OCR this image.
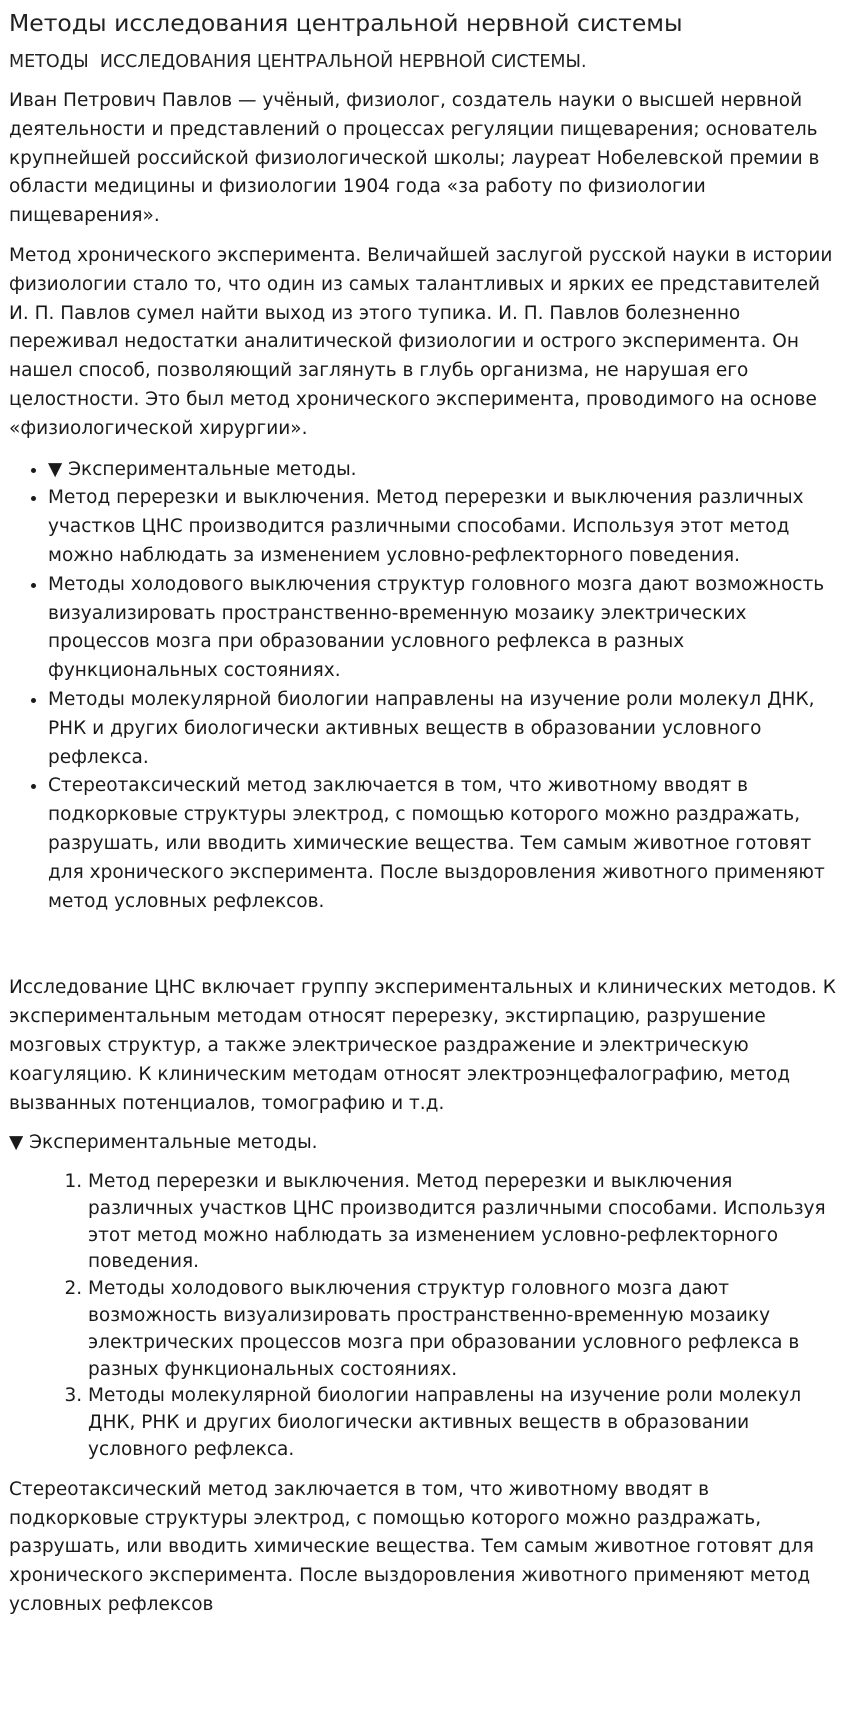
Методы исследования центральной нервной системы
МЕТОДЫ  ИССЛЕДОВАНИЯ ЦЕНТРАЛЬНОЙ НЕРВНОЙ СИСТЕМЫ.

Иван Петрович Павлов — учёный, физиолог, создатель науки о высшей нервной деятельности и представлений о процессах регуляции пищеварения; основатель крупнейшей российской физиологической школы; лауреат Нобелевской премии в области медицины и физиологии 1904 года «за работу по физиологии пищеварения».

Метод хронического эксперимента. Величайшей заслугой русской науки в истории физиологии стало то, что один из самых талантливых и ярких ее представителей И. П. Павлов сумел найти выход из этого тупика. И. П. Павлов болезненно переживал недостатки аналитической физиологии и острого эксперимента. Он нашел способ, позволяющий заглянуть в глубь организма, не нарушая его целостности. Это был метод хронического эксперимента, проводимого на основе «физиологической хирургии».

• ▼ Экспериментальные методы.
• Метод перерезки и выключения. Метод перерезки и выключения различных участков ЦНС производится различными способами. Используя этот метод можно наблюдать за изменением условно-рефлекторного поведения.
• Методы холодового выключения структур головного мозга дают возможность визуализировать пространственно-временную мозаику электрических процессов мозга при образовании условного рефлекса в разных функциональных состояниях.
• Методы молекулярной биологии направлены на изучение роли молекул ДНК, РНК и других биологически активных веществ в образовании условного рефлекса.
• Стереотаксический метод заключается в том, что животному вводят в подкорковые структуры электрод, с помощью которого можно раздражать, разрушать, или вводить химические вещества. Тем самым животное готовят для хронического эксперимента. После выздоровления животного применяют метод условных рефлексов.

Исследование ЦНС включает группу экспериментальных и клинических методов. К экспериментальным методам относят перерезку, экстирпацию, разрушение мозговых структур, а также электрическое раздражение и электрическую коагуляцию. К клиническим методам относят электроэнцефалографию, метод вызванных потенциалов, томографию и т.д.

▼ Экспериментальные методы.

1. Метод перерезки и выключения. Метод перерезки и выключения различных участков ЦНС производится различными способами. Используя этот метод можно наблюдать за изменением условно-рефлекторного поведения.
2. Методы холодового выключения структур головного мозга дают возможность визуализировать пространственно-временную мозаику электрических процессов мозга при образовании условного рефлекса в разных функциональных состояниях.
3. Методы молекулярной биологии направлены на изучение роли молекул ДНК, РНК и других биологически активных веществ в образовании условного рефлекса.

Стереотаксический метод заключается в том, что животному вводят в подкорковые структуры электрод, с помощью которого можно раздражать, разрушать, или вводить химические вещества. Тем самым животное готовят для хронического эксперимента. После выздоровления животного применяют метод условных рефлексов
